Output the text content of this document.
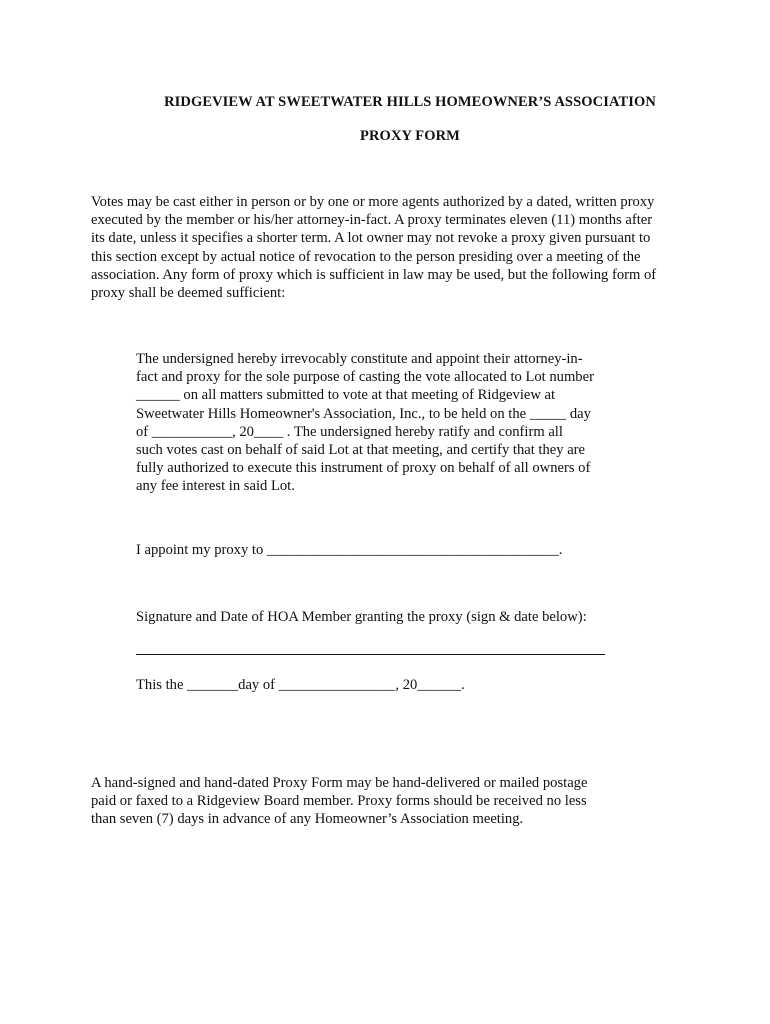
RIDGEVIEW AT SWEETWATER HILLS HOMEOWNER’S ASSOCIATION

PROXY FORM

Votes may be cast either in person or by one or more agents authorized by a dated, written proxy
executed by the member or his/her attorney-in-fact. A proxy terminates eleven (11) months after
its date, unless it specifies a shorter term. A lot owner may not revoke a proxy given pursuant to
this section except by actual notice of revocation to the person presiding over a meeting of the
association. Any form of proxy which is sufficient in law may be used, but the following form of
proxy shall be deemed sufficient:
The undersigned hereby irrevocably constitute and appoint their attorney-in-
fact and proxy for the sole purpose of casting the vote allocated to Lot number
______ on all matters submitted to vote at that meeting of Ridgeview at
Sweetwater Hills Homeowner's Association, Inc., to be held on the _____ day
of ___________, 20____ . The undersigned hereby ratify and confirm all
such votes cast on behalf of said Lot at that meeting, and certify that they are
fully authorized to execute this instrument of proxy on behalf of all owners of
any fee interest in said Lot.

I appoint my proxy to ________________________________________.

Signature and Date of HOA Member granting the proxy (sign & date below):

This the _______day of ________________, 20______.

A hand-signed and hand-dated Proxy Form may be hand-delivered or mailed postage
paid or faxed to a Ridgeview Board member. Proxy forms should be received no less
than seven (7) days in advance of any Homeowner’s Association meeting.
